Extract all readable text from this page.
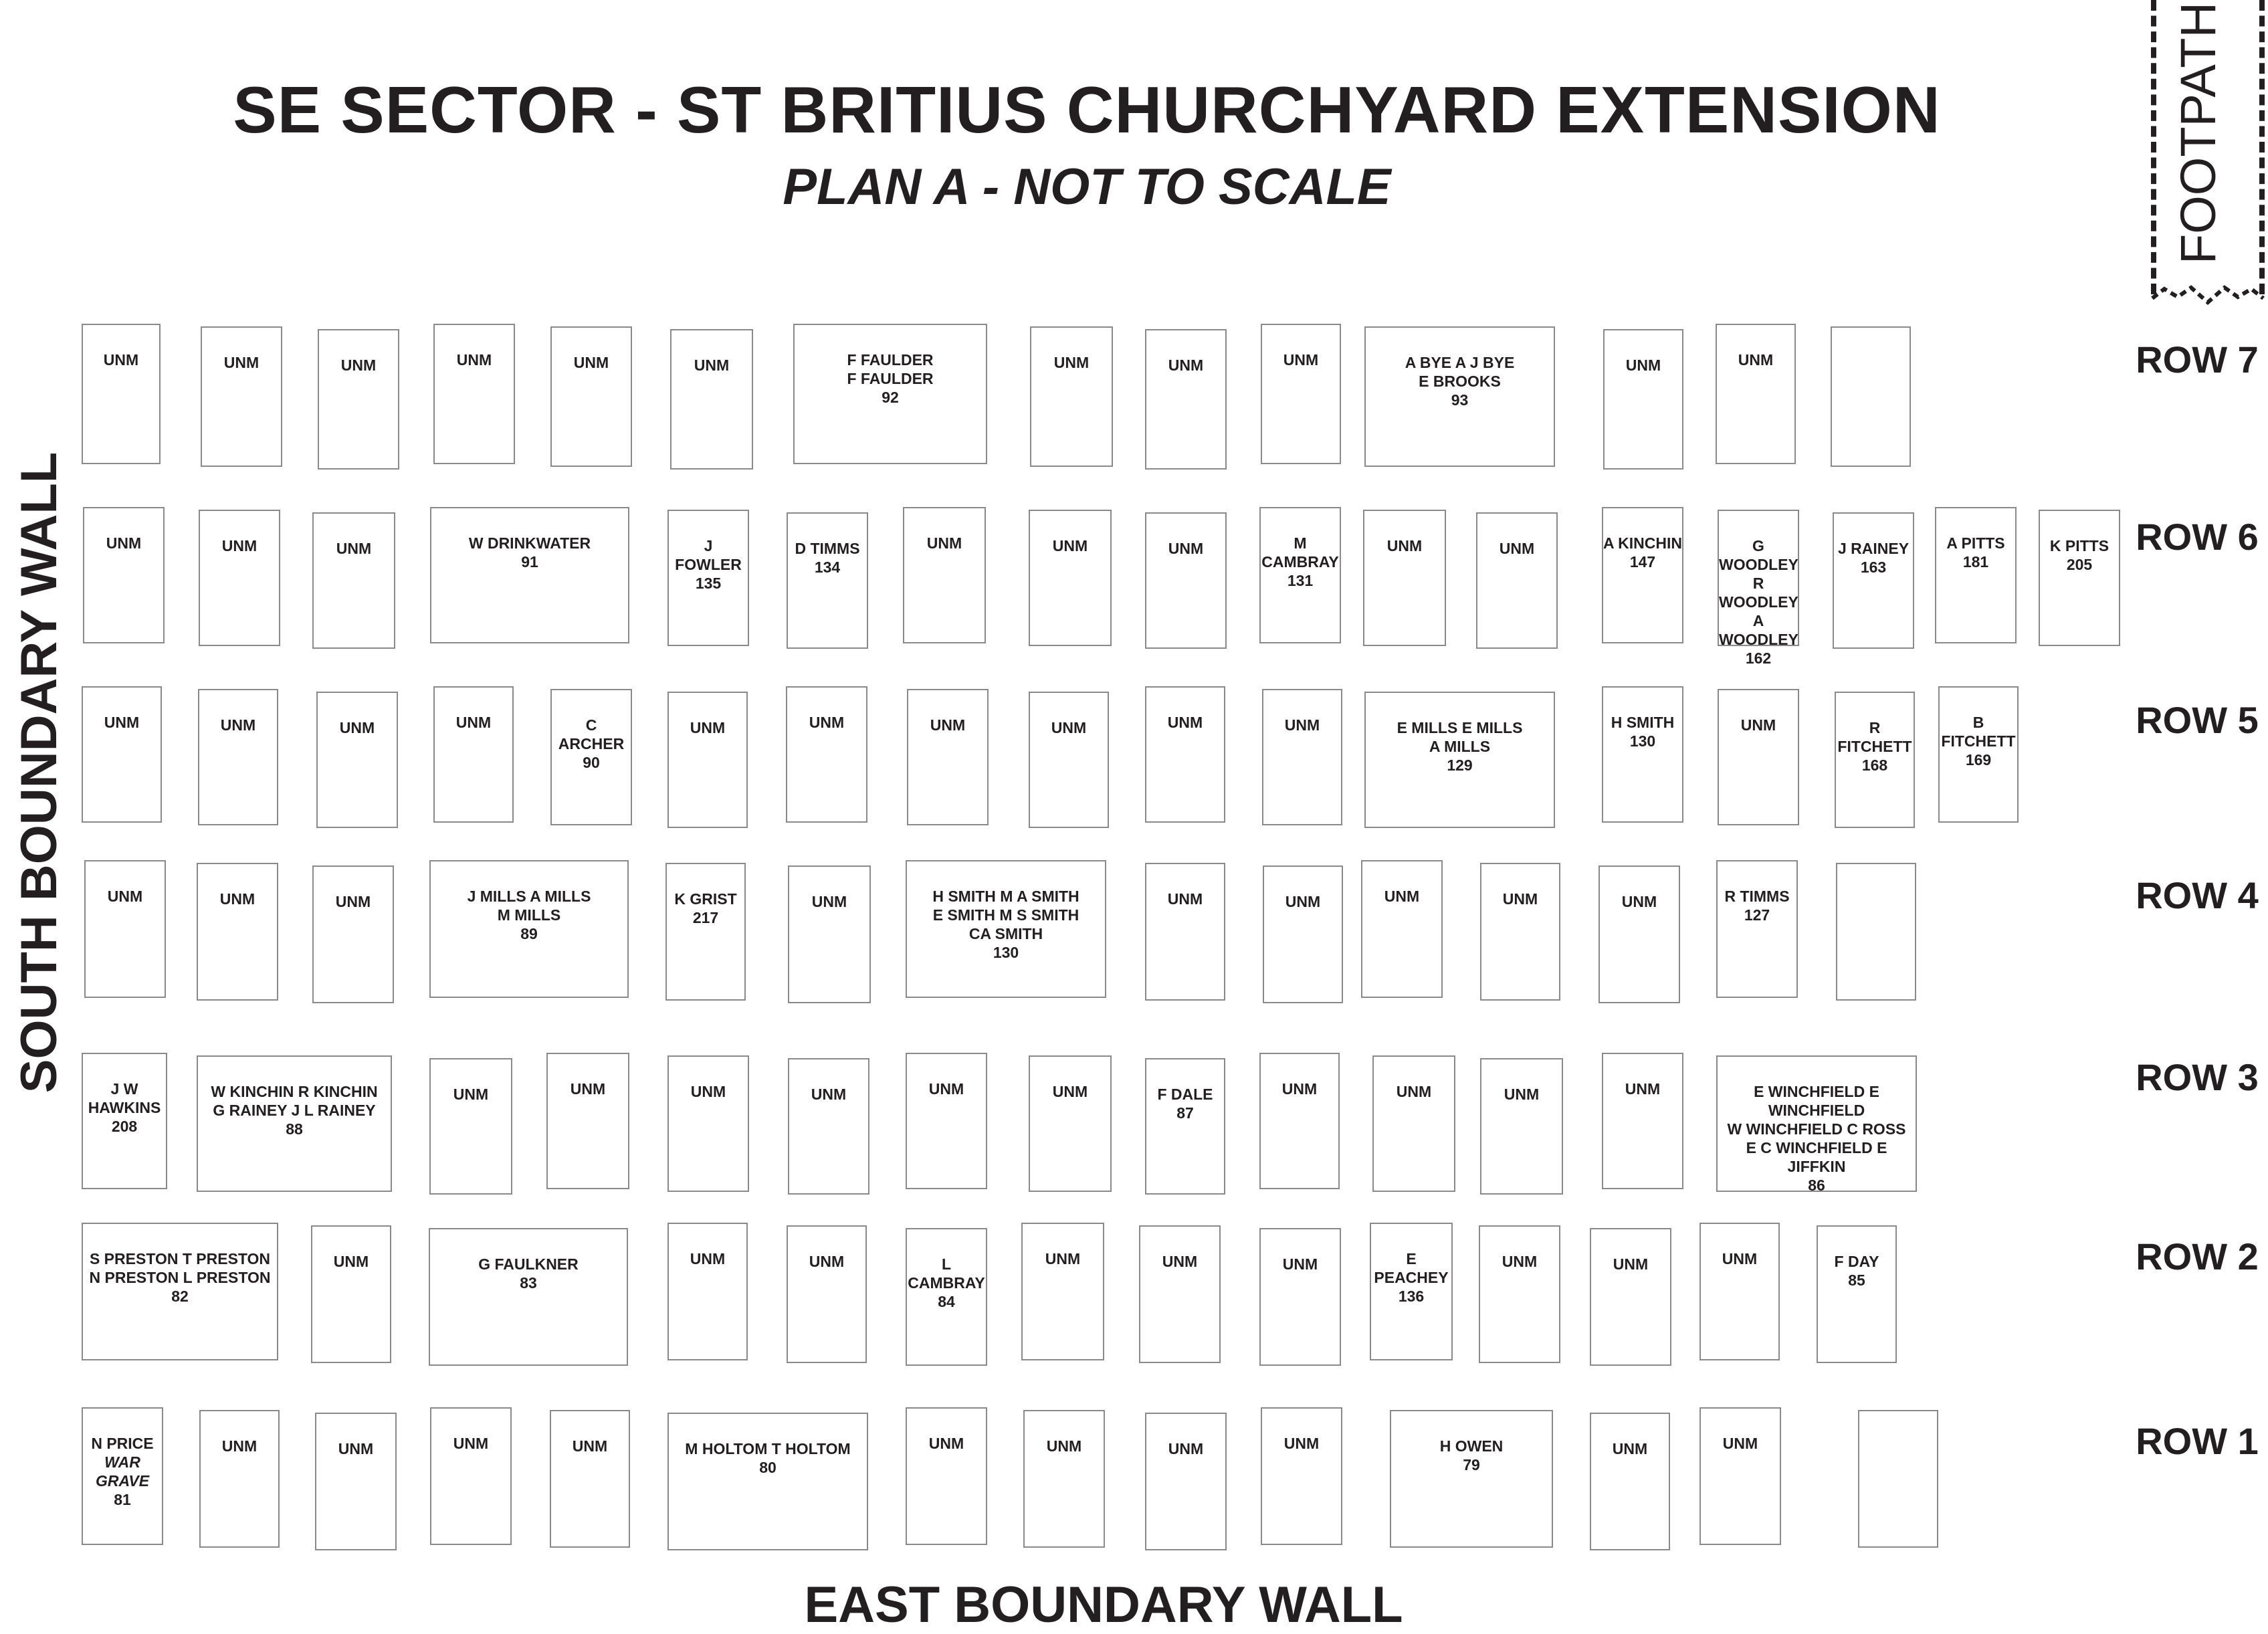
SE SECTOR - ST BRITIUS CHURCHYARD EXTENSION
PLAN A - NOT TO SCALE	FOOTPATH
SOUTH BOUNDARY WALL
EAST BOUNDARY WALL
ROW 7
UNM	UNM	UNM	UNM	UNM	UNM	F FAULDER
F FAULDER
92
UNM	UNM	UNM	A BYE A J BYE
E BROOKS
93
UNM	UNM
ROW 6
UNM	UNM	UNM	W DRINKWATER
91
J FOWLER
135
D TIMMS
134
UNM	UNM	UNM	M CAMBRAY
131
UNM	UNM	A KINCHIN
147
G WOODLEY
R WOODLEY
A WOODLEY
162
J RAINEY
163
A PITTS
181
K PITTS
205
ROW 5
UNM	UNM	UNM	UNM	C ARCHER
90
UNM	UNM	UNM	UNM	UNM	UNM	E MILLS E MILLS
A MILLS
129
H SMITH
130
UNM	R FITCHETT
168
B FITCHETT
169
ROW 4
UNM	UNM	UNM	J MILLS A MILLS
M MILLS
89
K GRIST
217
UNM	H SMITH M A SMITH
E SMITH M S SMITH
CA SMITH
130
UNM	UNM	UNM	UNM	UNM	R TIMMS
127
ROW 3
J W HAWKINS
208
W KINCHIN R KINCHIN
G RAINEY J L RAINEY
88
UNM	UNM	UNM	UNM	UNM	UNM	F DALE
87
UNM	UNM	UNM	UNM	E WINCHFIELD E WINCHFIELD
W WINCHFIELD C ROSS
E C WINCHFIELD E JIFFKIN
86
ROW 2
S PRESTON T PRESTON
N PRESTON L PRESTON
82
UNM	G FAULKNER
83
UNM	UNM	L CAMBRAY
84
UNM	UNM	UNM	E PEACHEY
136
UNM	UNM	UNM	F DAY
85
ROW 1
N PRICE
WAR GRAVE
81
UNM	UNM	UNM	UNM	M HOLTOM T HOLTOM
80
UNM	UNM	UNM	UNM	H OWEN
79
UNM	UNM
